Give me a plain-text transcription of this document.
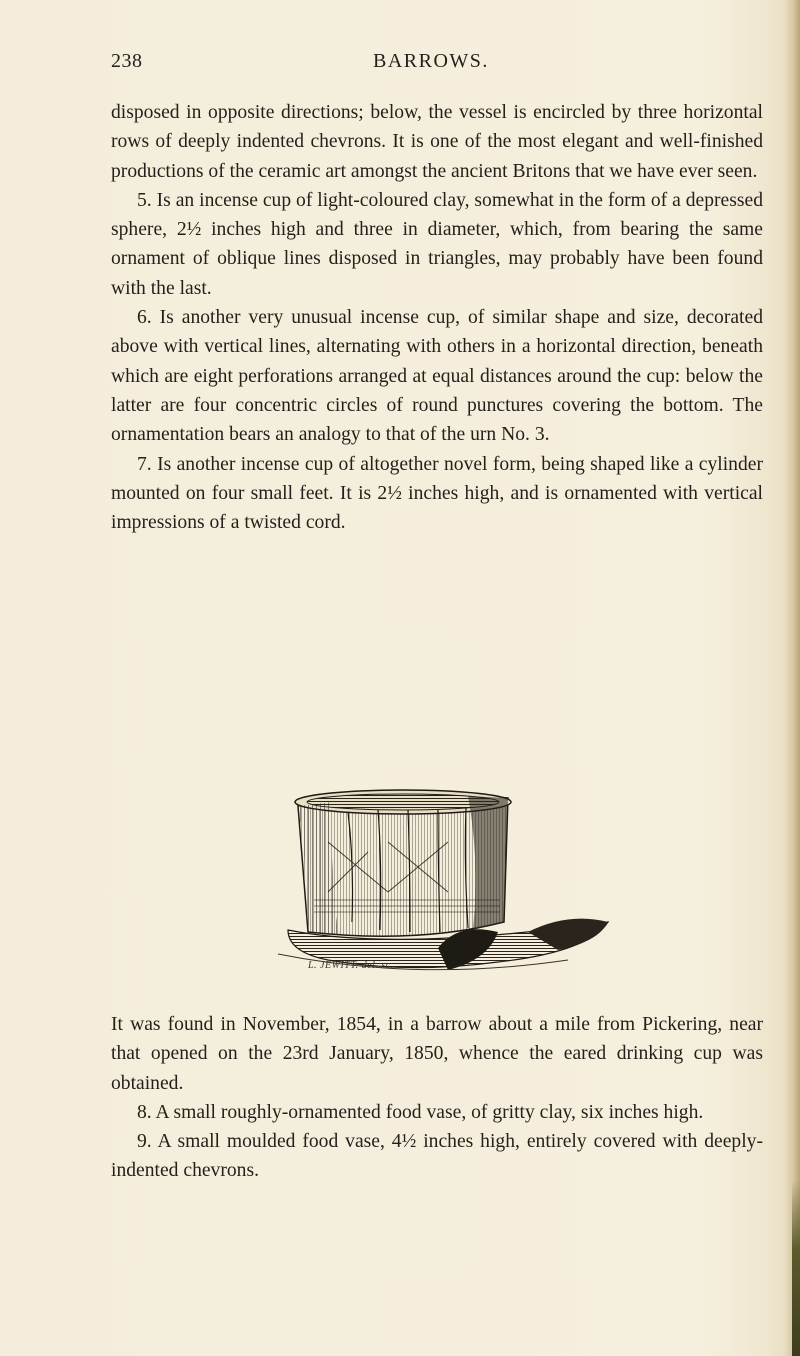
238	BARROWS.

disposed in opposite directions; below, the vessel is encircled by three horizontal rows of deeply indented chevrons. It is one of the most elegant and well-finished productions of the ceramic art amongst the ancient Britons that we have ever seen.

5. Is an incense cup of light-coloured clay, somewhat in the form of a depressed sphere, 2½ inches high and three in diameter, which, from bearing the same ornament of oblique lines disposed in triangles, may probably have been found with the last.

6. Is another very unusual incense cup, of similar shape and size, decorated above with vertical lines, alternating with others in a horizontal direction, beneath which are eight perforations arranged at equal distances around the cup: below the latter are four concentric circles of round punctures covering the bottom. The ornamentation bears an analogy to that of the urn No. 3.

7. Is another incense cup of altogether novel form, being shaped like a cylinder mounted on four small feet. It is 2½ inches high, and is ornamented with vertical impressions of a twisted cord.

L. JEWITT. del. sc.

It was found in November, 1854, in a barrow about a mile from Pickering, near that opened on the 23rd January, 1850, whence the eared drinking cup was obtained.

8. A small roughly-ornamented food vase, of gritty clay, six inches high.

9. A small moulded food vase, 4½ inches high, entirely covered with deeply-indented chevrons.
